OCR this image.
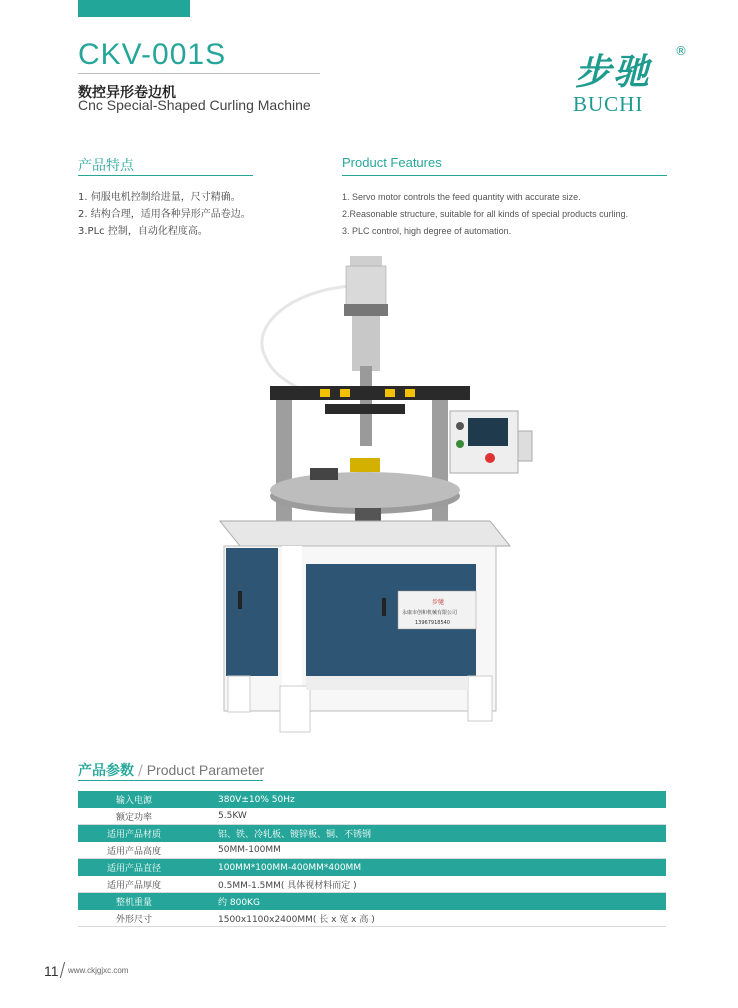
CKV-001S
数控异形卷边机
Cnc Special-Shaped Curling Machine
步驰 ®
BUCHI
产品特点	Product Features
1. 伺服电机控制给进量，尺寸精确。
2. 结构合理，适用各种异形产品卷边。
3.PLc 控制，自动化程度高。
1. Servo motor controls the feed quantity with accurate size.
2.Reasonable structure, suitable for all kinds of special products curling.
3. PLC control, high degree of automation.
步驰
永康市创和机械有限公司
13967918540
产品参数 / Product Parameter
输入电源	380V±10% 50Hz
额定功率	5.5KW
适用产品材质	铝、铁、冷轧板、镀锌板、铜、不锈钢
适用产品高度	50MM-100MM
适用产品直径	100MM*100MM-400MM*400MM
适用产品厚度	0.5MM-1.5MM( 具体视材料而定 )
整机重量	约 800KG
外形尺寸	1500x1100x2400MM( 长 x 宽 x 高 )
11 www.ckjgjxc.com
